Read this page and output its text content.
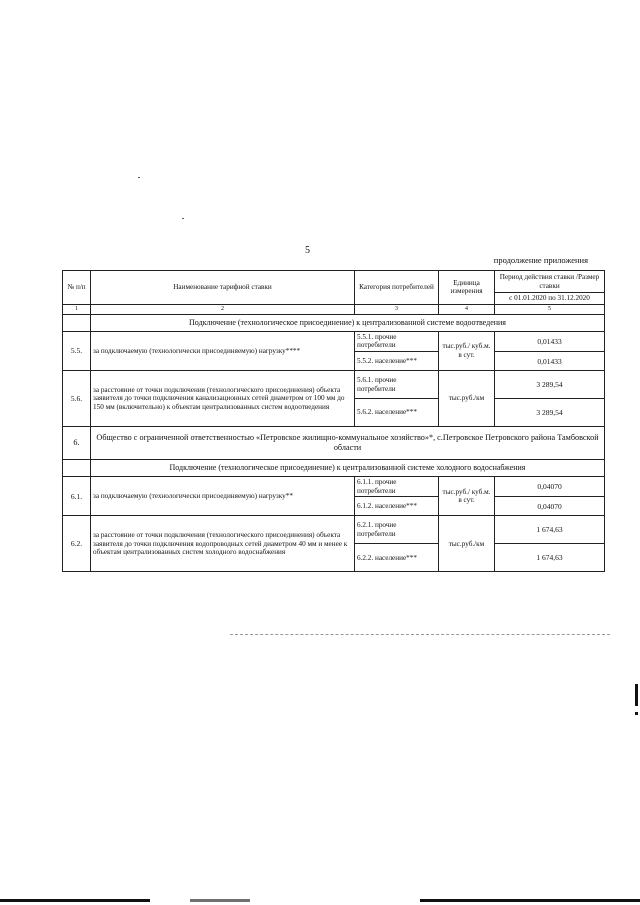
5
продолжение приложения
№ п/п	Наименование тарифной ставки	Категория потребителей	Единица измерения	Период действия ставки /Размер ставки
				с 01.01.2020 по 31.12.2020
1	2	3	4	5
	Подключение (технологическое присоединение) к централизованной системе водоотведения			
5.5.	за подключаемую (технологически присоединяемую) нагрузку****	5.5.1. прочие потребители	тыс.руб./ куб.м. в сут.	0,01433
		5.5.2. население***		0,01433
5.6.	за расстояние от точки подключения (технологического присоединения) объекта заявителя до точки подключения канализационных сетей диаметром от 100 мм до 150 мм (включительно) к объектам централизованных систем водоотведения	5.6.1. прочие потребители	тыс.руб./км	3 289,54
		5.6.2. население***		3 289,54
6.	Общество с ограниченной ответственностью «Петровское жилищно-коммунальное хозяйство»*, с.Петровское Петровского района Тамбовской области			
	Подключение (технологическое присоединение) к централизованной системе холодного водоснабжения			
6.1.	за подключаемую (технологически присоединяемую) нагрузку**	6.1.1. прочие потребители	тыс.руб./ куб.м. в сут.	0,04070
		6.1.2. население***		0,04070
6.2.	за расстояние от точки подключения (технологического присоединения) объекта заявителя до точки подключения водопроводных сетей диаметром 40 мм и менее к объектам централизованных систем холодного водоснабжения	6.2.1. прочие потребители	тыс.руб./км	1 674,63
		6.2.2. население***		1 674,63
